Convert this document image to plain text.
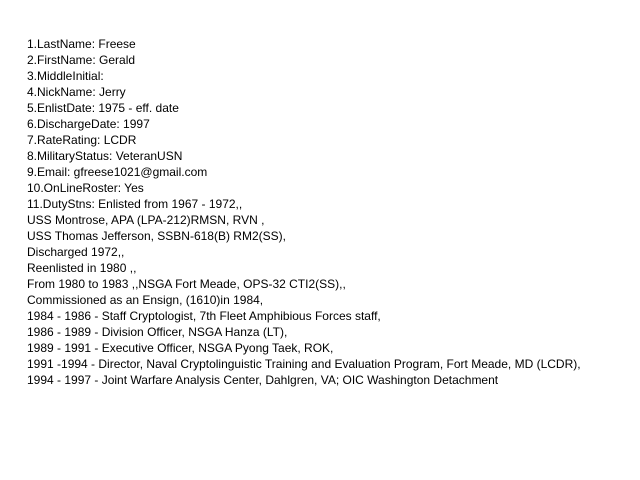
1.LastName: Freese
2.FirstName: Gerald
3.MiddleInitial:
4.NickName: Jerry
5.EnlistDate: 1975 - eff. date
6.DischargeDate: 1997
7.RateRating: LCDR
8.MilitaryStatus: VeteranUSN
9.Email: gfreese1021@gmail.com
10.OnLineRoster: Yes
11.DutyStns: Enlisted from 1967 - 1972,,
USS Montrose, APA (LPA-212)RMSN, RVN ,
USS Thomas Jefferson, SSBN-618(B) RM2(SS),
Discharged 1972,,
Reenlisted in 1980 ,,
From 1980 to 1983 ,,NSGA Fort Meade, OPS-32 CTI2(SS),,
Commissioned as an Ensign, (1610)in 1984,
1984 - 1986 - Staff Cryptologist, 7th Fleet Amphibious Forces staff,
1986 - 1989 - Division Officer, NSGA Hanza (LT),
1989 - 1991 - Executive Officer, NSGA Pyong Taek, ROK,
1991 -1994 - Director, Naval Cryptolinguistic Training and Evaluation Program, Fort Meade, MD (LCDR),
1994 - 1997 - Joint Warfare Analysis Center, Dahlgren, VA; OIC Washington Detachment
